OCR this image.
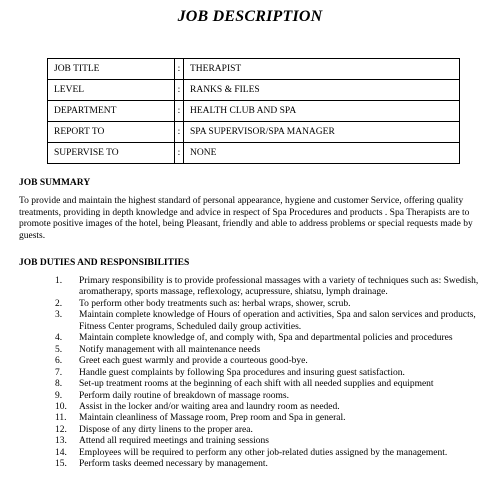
JOB DESCRIPTION
JOB TITLE	:	THERAPIST
LEVEL	:	RANKS & FILES
DEPARTMENT	:	HEALTH CLUB AND SPA
REPORT TO	:	SPA SUPERVISOR/SPA MANAGER
SUPERVISE TO	:	NONE
JOB SUMMARY

To provide and maintain the highest standard of personal appearance, hygiene and customer Service, offering quality treatments, providing in depth knowledge and advice in respect of Spa Procedures and products . Spa Therapists are to promote positive images of the hotel, being Pleasant, friendly and able to address problems or special requests made by guests.

JOB DUTIES AND RESPONSIBILITIES
1.	Primary responsibility is to provide professional massages with a variety of techniques such as: Swedish, aromatherapy, sports massage, reflexology, acupressure, shiatsu, lymph drainage.
2.	To perform other body treatments such as: herbal wraps, shower, scrub.
3.	Maintain complete knowledge of Hours of operation and activities, Spa and salon services and products, Fitness Center programs, Scheduled daily group activities.
4.	Maintain complete knowledge of, and comply with, Spa and departmental policies and procedures
5.	Notify management with all maintenance needs
6.	Greet each guest warmly and provide a courteous good-bye.
7.	Handle guest complaints by following Spa procedures and insuring guest satisfaction.
8.	Set-up treatment rooms at the beginning of each shift with all needed supplies and equipment
9.	Perform daily routine of breakdown of massage rooms.
10.	Assist in the locker and/or waiting area and laundry room as needed.
11.	Maintain cleanliness of Massage room, Prep room and Spa in general.
12.	Dispose of any dirty linens to the proper area.
13.	Attend all required meetings and training sessions
14.	Employees will be required to perform any other job-related duties assigned by the management.
15.	Perform tasks deemed necessary by management.
